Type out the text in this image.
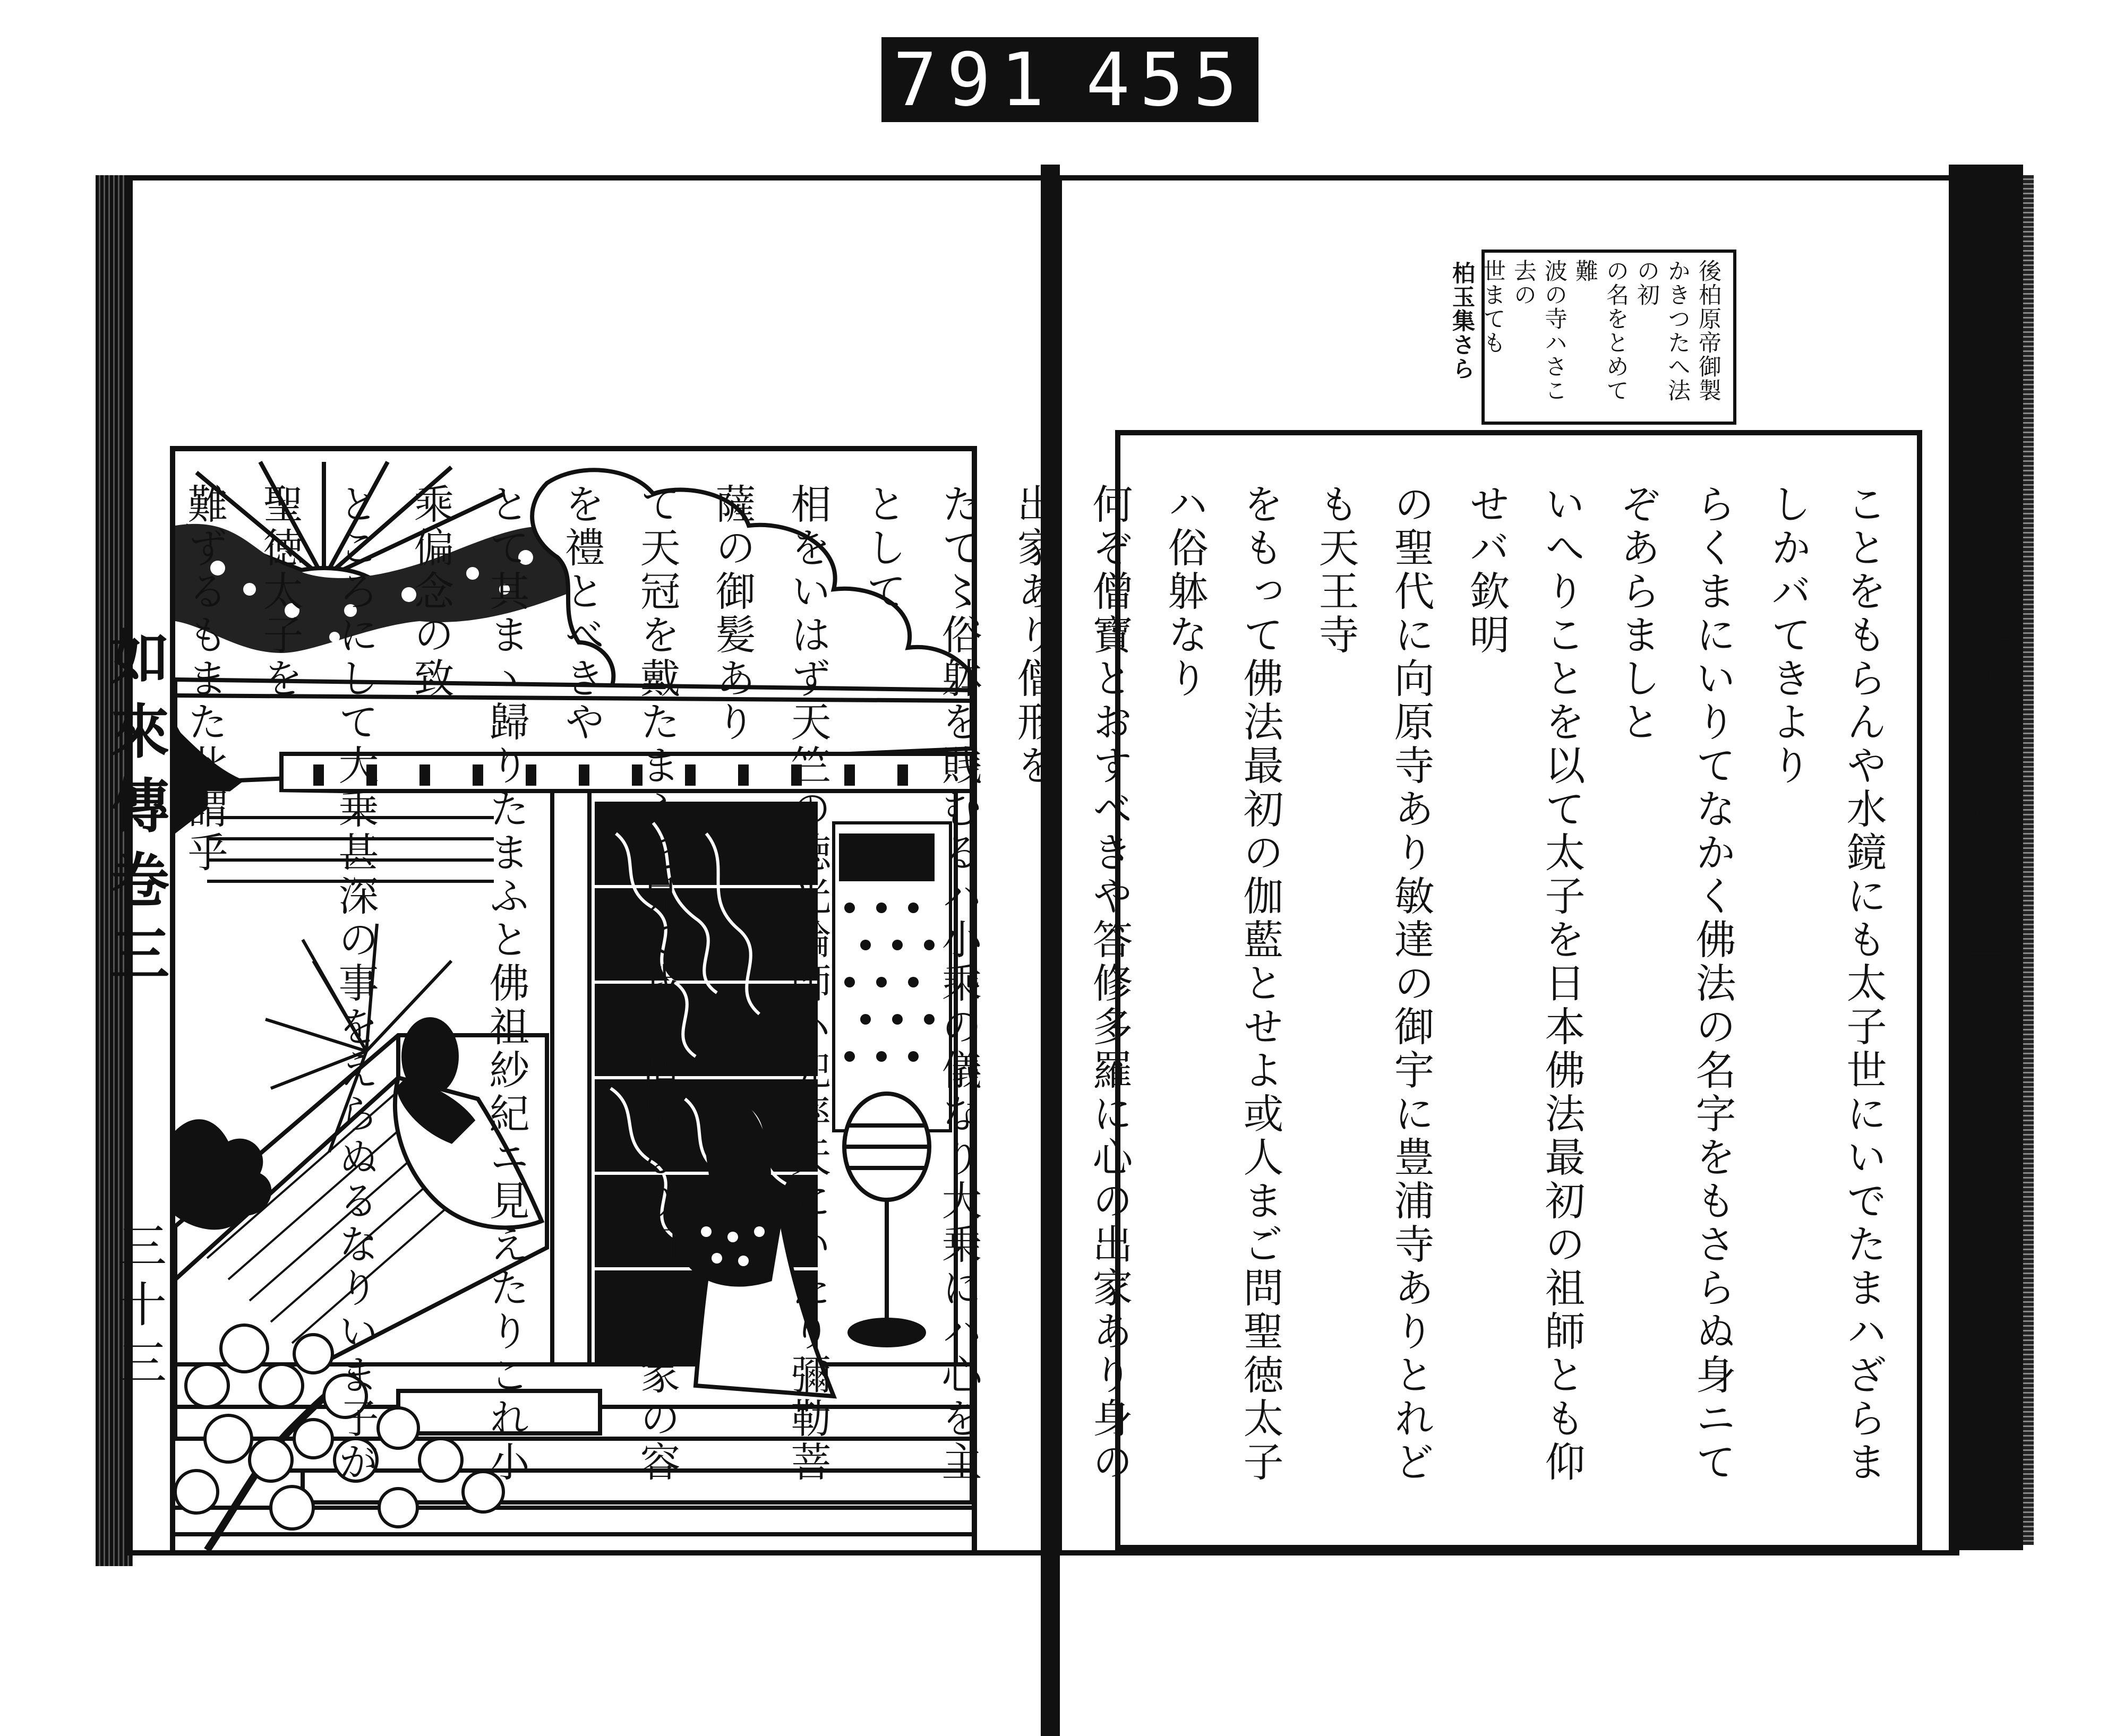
791 455
如來傳卷三
三十三
如來傳卷三
三十三
後柏原帝御製
かきつたへ法の初
の名をとめて難
波の寺ハさこ去の
世まても
柏玉集さら
ことをもらんや水鏡にも太子世にいでたまハざらましかバてきより
らくまにいりてなかく佛法の名字をもさらぬ身ニてぞあらましと
いへりことを以て太子を日本佛法最初の祖師とも仰せバ欽明
の聖代に向原寺あり敏達の御宇に豊浦寺ありとれども天王寺
をもって佛法最初の伽藍とせよ或人まご問聖徳太子ハ俗躰なり
何ぞ僧寶とおすべきや答修多羅に心の出家あり身の出家あり僧形を
たて〻俗躰を賎むるハ小乘の儀なり大乗にハ心を主として
相をいはず天竺の徳光論師ハ兜率天にいたり彌勒菩薩の御髪あり
て天冠を戴たまふを見て我ハ僧形なり何ぞ在家の容を禮とべきや
とて其まゝ歸りたまふと佛祖紗紀ニ見えたりこれ小乘偏念の致
ところにして大乗甚深の事をえらぬるなりいま子が聖徳太子を
難ずるもまた此謂乎
